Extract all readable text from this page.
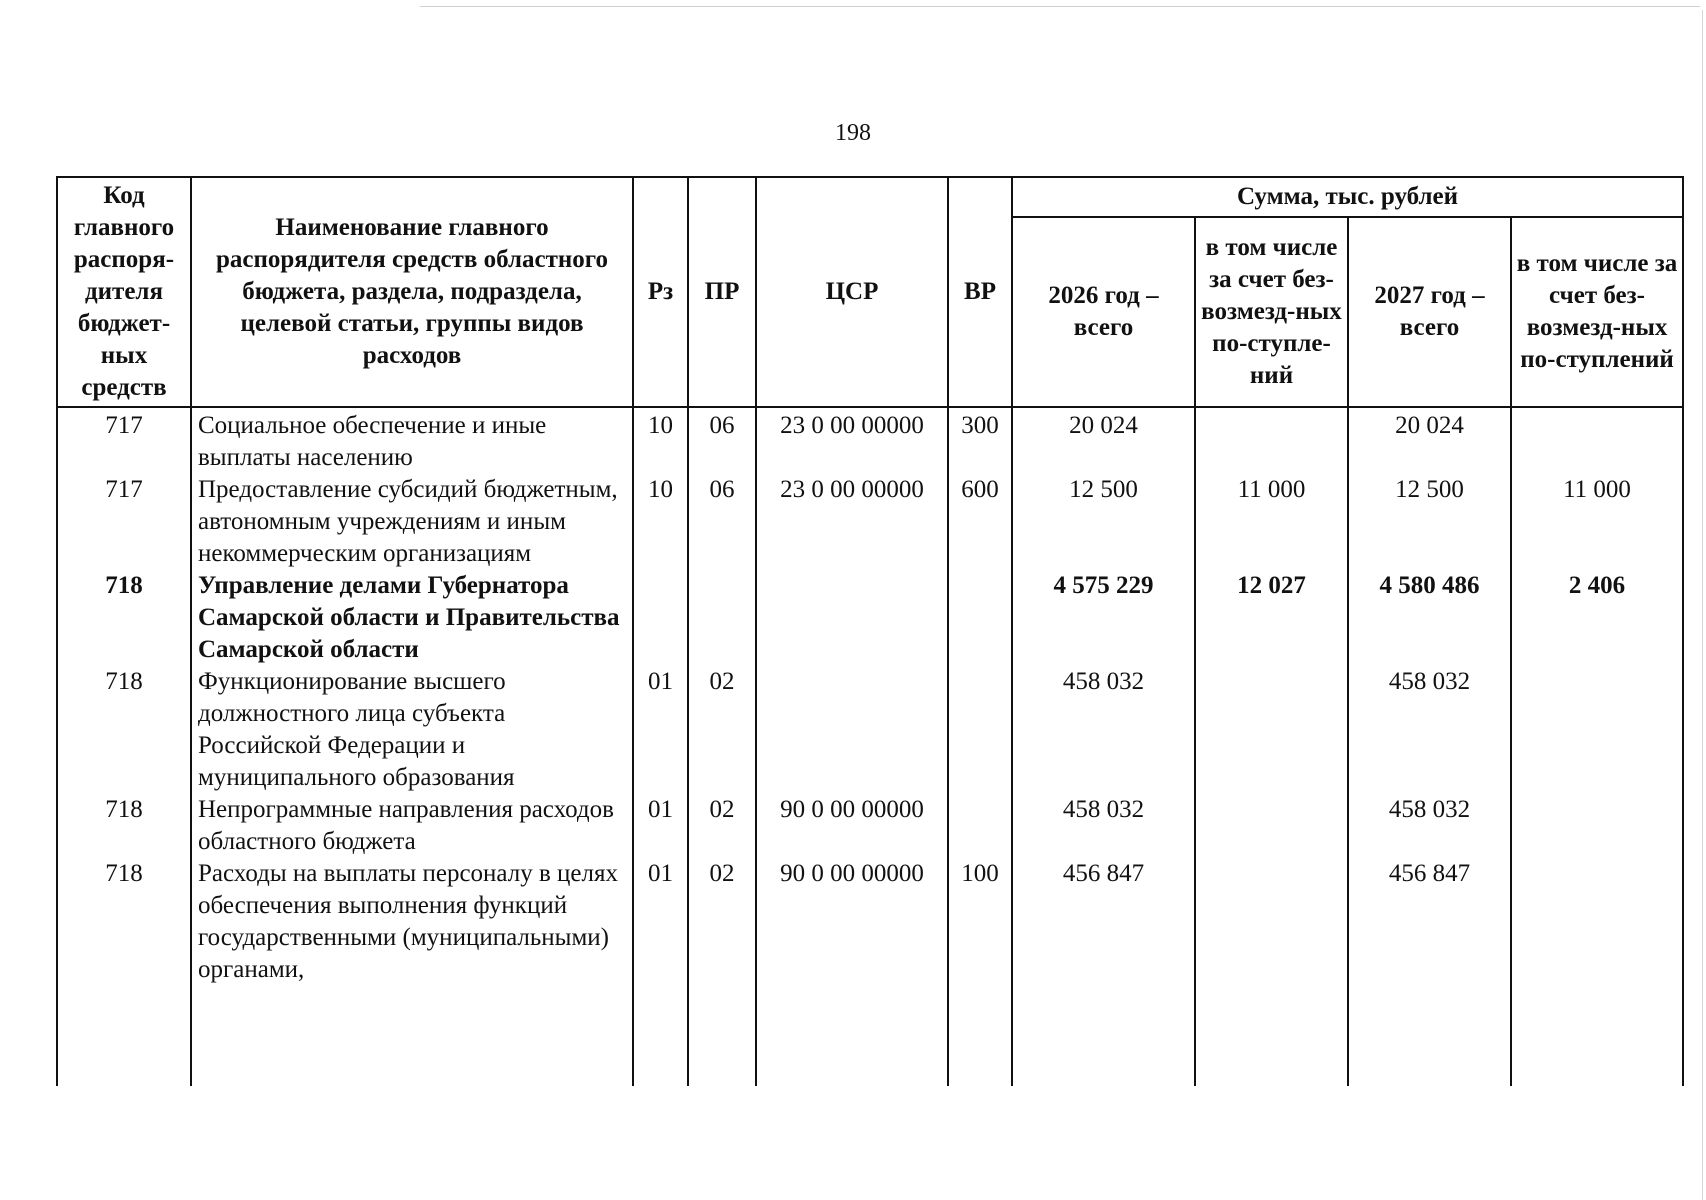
198
Код главного распоря-дителя бюджет-ных средств	Наименование главного распорядителя средств областного бюджета, раздела, подраздела, целевой статьи, группы видов расходов	Рз	ПР	ЦСР	ВР	Сумма, тыс. рублей			
						2026 год – всего	в том числе за счет без-возмезд-ных по-ступле-ний	2027 год – всего	в том числе за счет без-возмезд-ных по-ступлений
717	Социальное обеспечение и иные выплаты населению	10	06	23 0 00 00000	300	20 024		20 024	
717	Предоставление субсидий бюджетным, автономным учреждениям и иным некоммерческим организациям	10	06	23 0 00 00000	600	12 500	11 000	12 500	11 000
718	Управление делами Губернатора Самарской области и Правительства Самарской области					4 575 229	12 027	4 580 486	2 406
718	Функционирование высшего должностного лица субъекта Российской Федерации и муниципального образования	01	02			458 032		458 032	
718	Непрограммные направления расходов областного бюджета	01	02	90 0 00 00000		458 032		458 032	
718	Расходы на выплаты персоналу в целях обеспечения выполнения функций государственными (муниципальными) органами,	01	02	90 0 00 00000	100	456 847		456 847	
